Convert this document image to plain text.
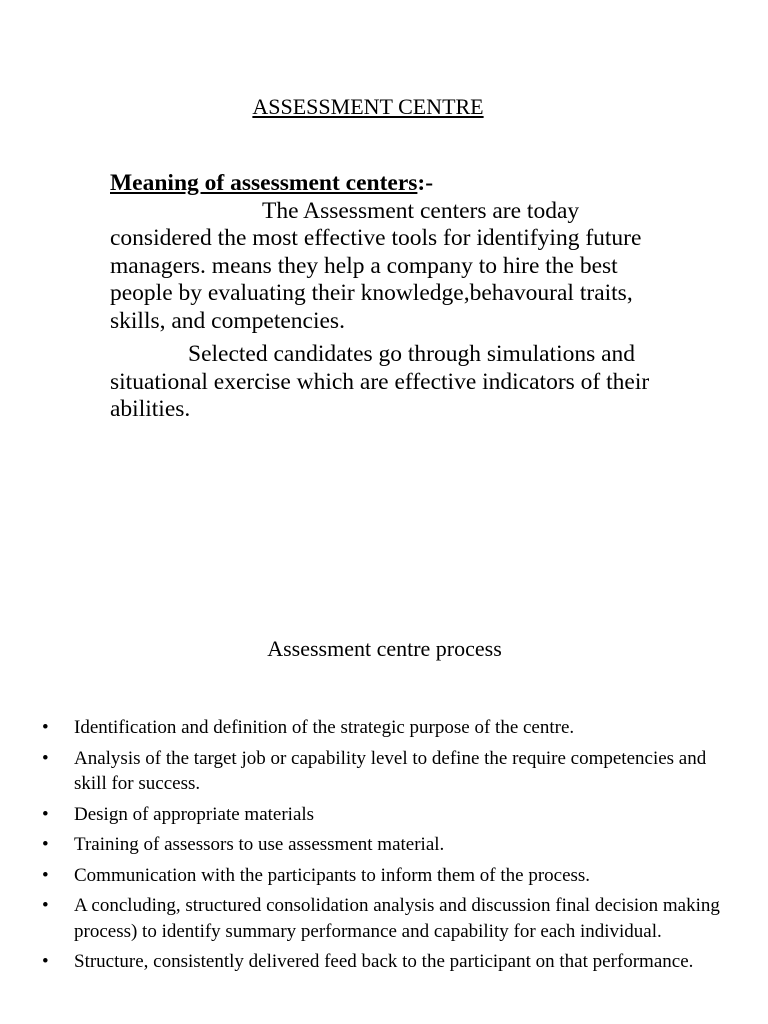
ASSESSMENT CENTRE

Meaning of assessment centers:-

The Assessment centers are today considered the most effective tools for identifying future managers. means they help a company to hire the best people by evaluating their knowledge,behavoural traits, skills, and competencies.

Selected candidates go through simulations and situational exercise which are effective indicators of their abilities.

Assessment centre process
• Identification and definition of the strategic purpose of the centre.
• Analysis of the target job or capability level to define the require competencies and skill for success.
• Design of appropriate materials
• Training of assessors to use assessment material.
• Communication with the participants to inform them of the process.
• A concluding, structured consolidation analysis and discussion final decision making process) to identify summary performance and capability for each individual.
• Structure, consistently delivered feed back to the participant on that performance.
